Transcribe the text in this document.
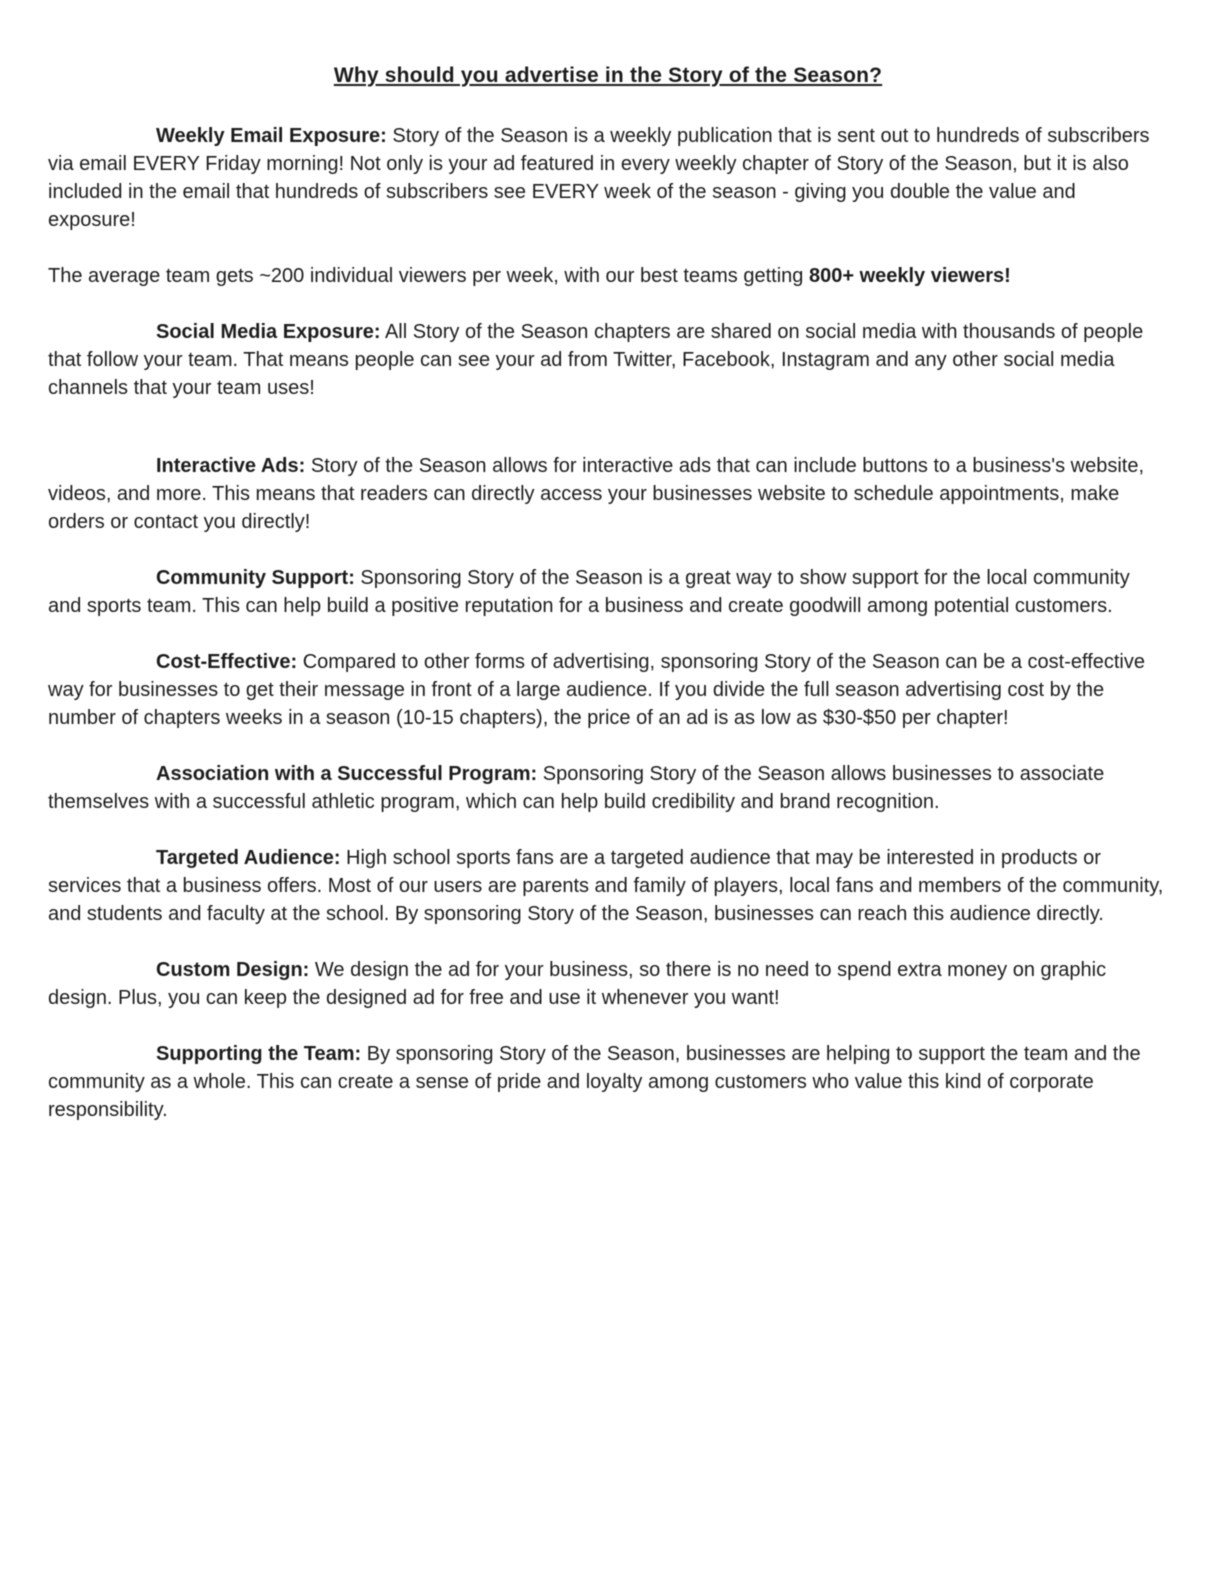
Why should you advertise in the Story of the Season?

Weekly Email Exposure: Story of the Season is a weekly publication that is sent out to hundreds of subscribers via email EVERY Friday morning! Not only is your ad featured in every weekly chapter of Story of the Season, but it is also included in the email that hundreds of subscribers see EVERY week of the season - giving you double the value and exposure!

The average team gets ~200 individual viewers per week, with our best teams getting 800+ weekly viewers!

Social Media Exposure: All Story of the Season chapters are shared on social media with thousands of people that follow your team. That means people can see your ad from Twitter, Facebook, Instagram and any other social media channels that your team uses!

Interactive Ads: Story of the Season allows for interactive ads that can include buttons to a business's website, videos, and more. This means that readers can directly access your businesses website to schedule appointments, make orders or contact you directly!

Community Support: Sponsoring Story of the Season is a great way to show support for the local community and sports team. This can help build a positive reputation for a business and create goodwill among potential customers.

Cost-Effective: Compared to other forms of advertising, sponsoring Story of the Season can be a cost-effective way for businesses to get their message in front of a large audience. If you divide the full season advertising cost by the number of chapters weeks in a season (10-15 chapters), the price of an ad is as low as $30-$50 per chapter!

Association with a Successful Program: Sponsoring Story of the Season allows businesses to associate themselves with a successful athletic program, which can help build credibility and brand recognition.

Targeted Audience: High school sports fans are a targeted audience that may be interested in products or services that a business offers. Most of our users are parents and family of players, local fans and members of the community, and students and faculty at the school. By sponsoring Story of the Season, businesses can reach this audience directly.

Custom Design: We design the ad for your business, so there is no need to spend extra money on graphic design. Plus, you can keep the designed ad for free and use it whenever you want!

Supporting the Team: By sponsoring Story of the Season, businesses are helping to support the team and the community as a whole. This can create a sense of pride and loyalty among customers who value this kind of corporate responsibility.
